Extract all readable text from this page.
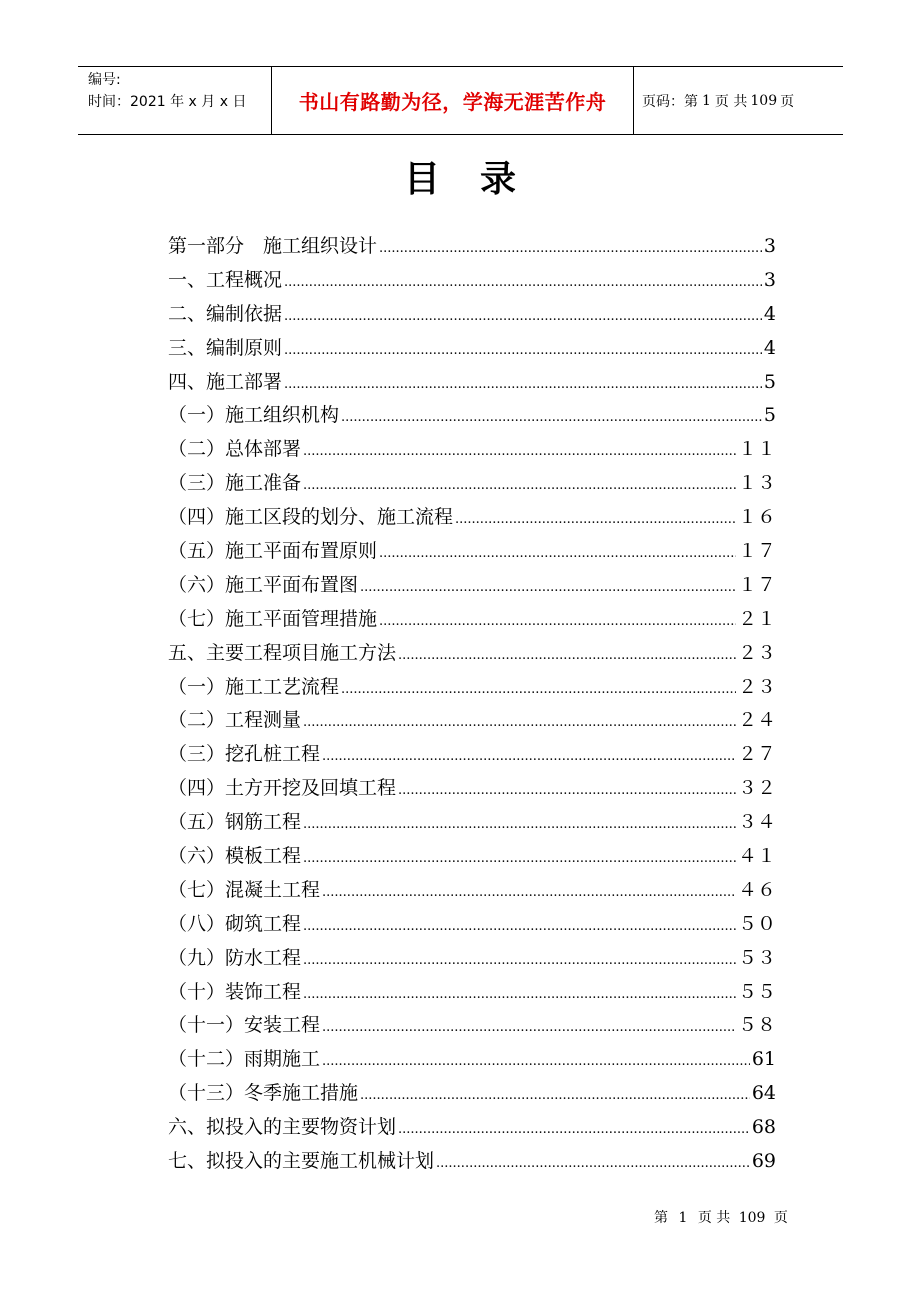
编号:
时间：2021 年 x 月 x 日	书山有路勤为径，学海无涯苦作舟	页码：第 1 页 共 109 页
目录
第一部分　施工组织设计 .....	3
一、工程概况 .....	3
二、编制依据 .....	4
三、编制原则 .....	4
四、施工部署 .....	5
（一）施工组织机构 .....	5
（二）总体部署 .....	１１
（三）施工准备 .....	１３
（四）施工区段的划分、施工流程 .....	１６
（五）施工平面布置原则 .....	１７
（六）施工平面布置图 .....	１７
（七）施工平面管理措施 .....	２１
五、主要工程项目施工方法 .....	２３
（一）施工工艺流程 .....	２３
（二）工程测量 .....	２４
（三）挖孔桩工程 .....	２７
（四）土方开挖及回填工程 .....	３２
（五）钢筋工程 .....	３４
（六）模板工程 .....	４１
（七）混凝土工程 .....	４６
（八）砌筑工程 .....	５０
（九）防水工程 .....	５３
（十）装饰工程 .....	５５
（十一）安装工程 .....	５８
（十二）雨期施工 .....	61
（十三）冬季施工措施 .....	64
六、拟投入的主要物资计划 .....	68
七、拟投入的主要施工机械计划 .....	69
第 1 页 共 109 页
